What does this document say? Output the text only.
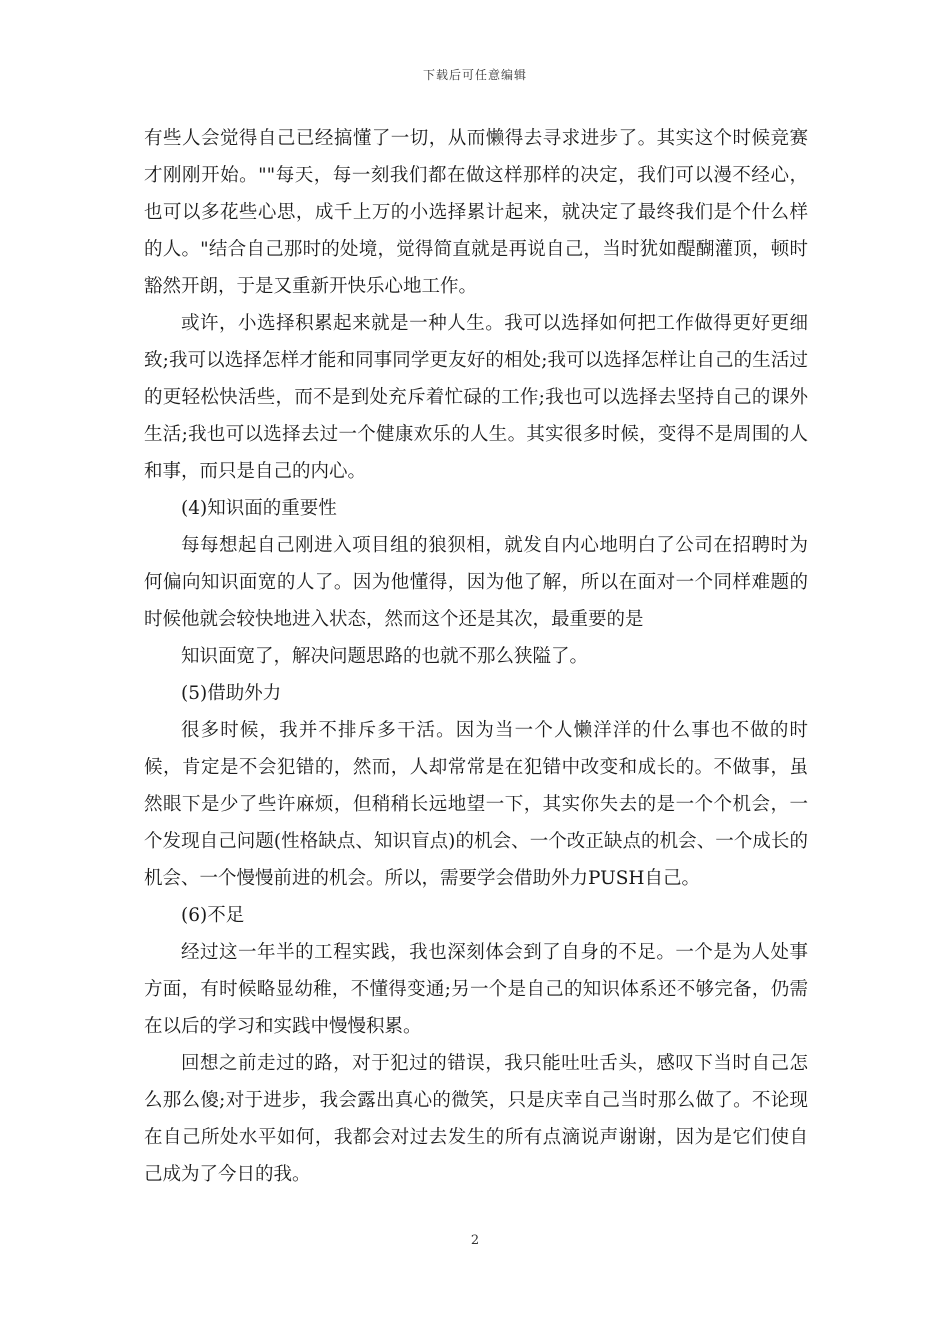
下载后可任意编辑

有些人会觉得自己已经搞懂了一切，从而懒得去寻求进步了。其实这个时候竞赛才刚刚开始。""每天，每一刻我们都在做这样那样的决定，我们可以漫不经心，也可以多花些心思，成千上万的小选择累计起来，就决定了最终我们是个什么样的人。"结合自己那时的处境，觉得简直就是再说自己，当时犹如醍醐灌顶，顿时豁然开朗，于是又重新开快乐心地工作。

或许，小选择积累起来就是一种人生。我可以选择如何把工作做得更好更细致;我可以选择怎样才能和同事同学更友好的相处;我可以选择怎样让自己的生活过的更轻松快活些，而不是到处充斥着忙碌的工作;我也可以选择去坚持自己的课外生活;我也可以选择去过一个健康欢乐的人生。其实很多时候，变得不是周围的人和事，而只是自己的内心。

(4)知识面的重要性

每每想起自己刚进入项目组的狼狈相，就发自内心地明白了公司在招聘时为何偏向知识面宽的人了。因为他懂得，因为他了解，所以在面对一个同样难题的时候他就会较快地进入状态，然而这个还是其次，最重要的是

知识面宽了，解决问题思路的也就不那么狭隘了。

(5)借助外力

很多时候，我并不排斥多干活。因为当一个人懒洋洋的什么事也不做的时候，肯定是不会犯错的，然而，人却常常是在犯错中改变和成长的。不做事，虽然眼下是少了些许麻烦，但稍稍长远地望一下，其实你失去的是一个个机会，一个发现自己问题(性格缺点、知识盲点)的机会、一个改正缺点的机会、一个成长的机会、一个慢慢前进的机会。所以，需要学会借助外力PUSH自己。

(6)不足

经过这一年半的工程实践，我也深刻体会到了自身的不足。一个是为人处事方面，有时候略显幼稚，不懂得变通;另一个是自己的知识体系还不够完备，仍需在以后的学习和实践中慢慢积累。

回想之前走过的路，对于犯过的错误，我只能吐吐舌头，感叹下当时自己怎么那么傻;对于进步，我会露出真心的微笑，只是庆幸自己当时那么做了。不论现在自己所处水平如何，我都会对过去发生的所有点滴说声谢谢，因为是它们使自己成为了今日的我。

2
